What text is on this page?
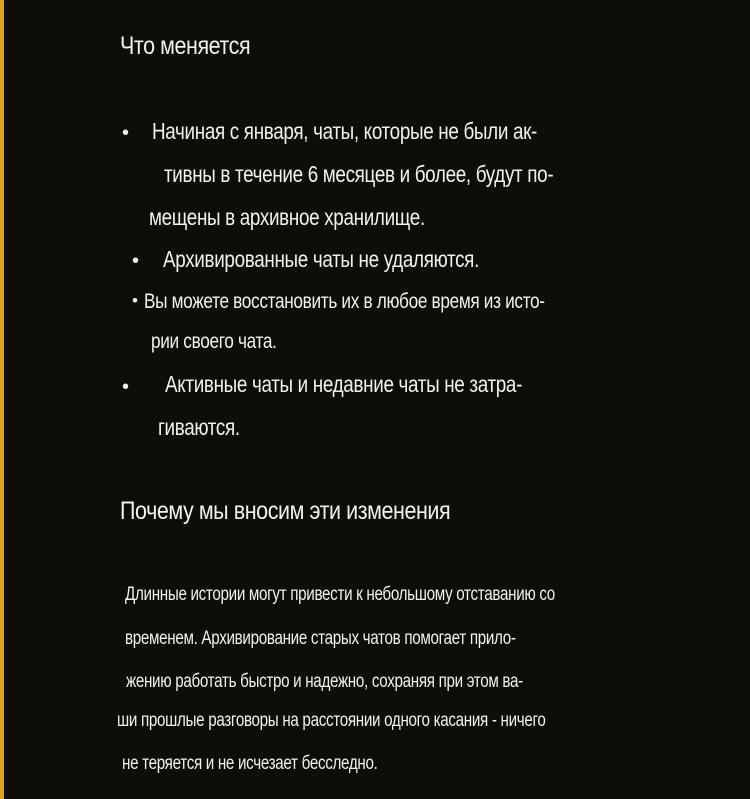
Что меняется
• Начиная с января, чаты, которые не были ак-
тивны в течение 6 месяцев и более, будут по-
мещены в архивное хранилище.
• Архивированные чаты не удаляются.
• Вы можете восстановить их в любое время из исто-
рии своего чата.
• Активные чаты и недавние чаты не затра-
гиваются.
Почему мы вносим эти изменения
Длинные истории могут привести к небольшому отставанию со
временем. Архивирование старых чатов помогает прило-
жению работать быстро и надежно, сохраняя при этом ва-
ши прошлые разговоры на расстоянии одного касания - ничего
не теряется и не исчезает бесследно.
